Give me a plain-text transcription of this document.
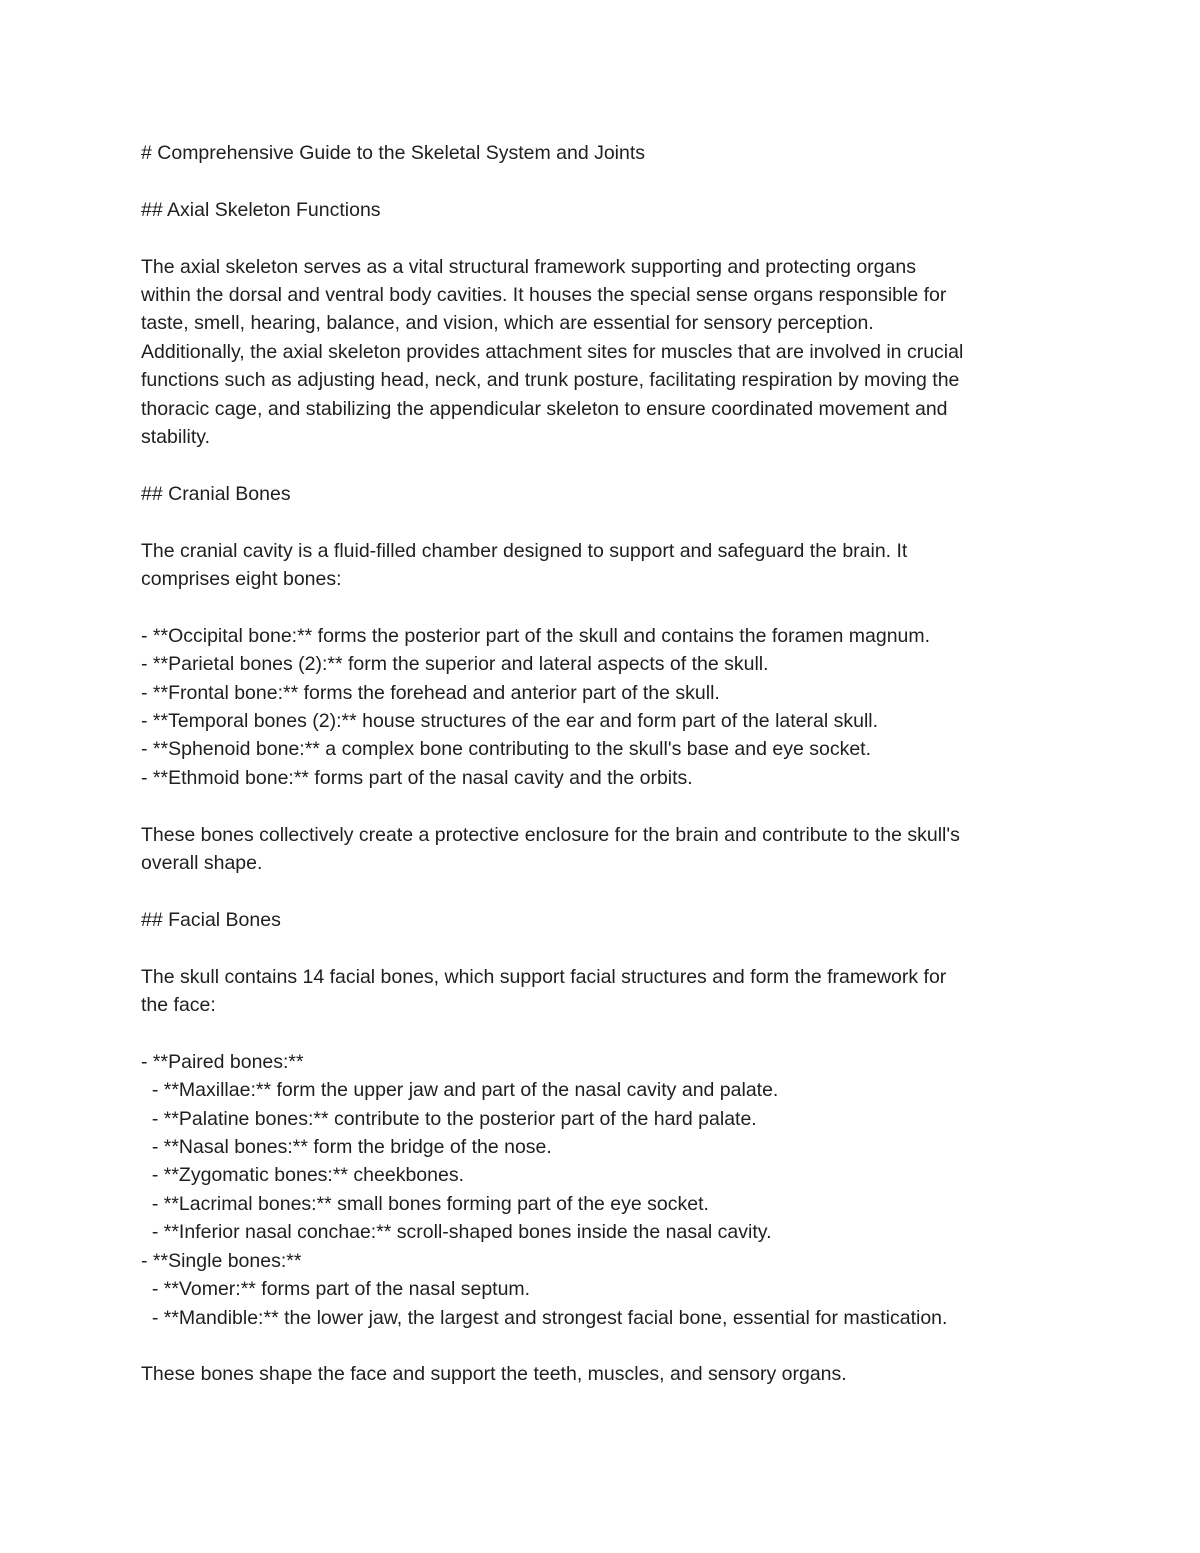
# Comprehensive Guide to the Skeletal System and Joints
## Axial Skeleton Functions
The axial skeleton serves as a vital structural framework supporting and protecting organs
within the dorsal and ventral body cavities. It houses the special sense organs responsible for
taste, smell, hearing, balance, and vision, which are essential for sensory perception.
Additionally, the axial skeleton provides attachment sites for muscles that are involved in crucial
functions such as adjusting head, neck, and trunk posture, facilitating respiration by moving the
thoracic cage, and stabilizing the appendicular skeleton to ensure coordinated movement and
stability.
## Cranial Bones
The cranial cavity is a fluid-filled chamber designed to support and safeguard the brain. It
comprises eight bones:
- **Occipital bone:** forms the posterior part of the skull and contains the foramen magnum.
- **Parietal bones (2):** form the superior and lateral aspects of the skull.
- **Frontal bone:** forms the forehead and anterior part of the skull.
- **Temporal bones (2):** house structures of the ear and form part of the lateral skull.
- **Sphenoid bone:** a complex bone contributing to the skull's base and eye socket.
- **Ethmoid bone:** forms part of the nasal cavity and the orbits.
These bones collectively create a protective enclosure for the brain and contribute to the skull's
overall shape.
## Facial Bones
The skull contains 14 facial bones, which support facial structures and form the framework for
the face:
- **Paired bones:**
- **Maxillae:** form the upper jaw and part of the nasal cavity and palate.
- **Palatine bones:** contribute to the posterior part of the hard palate.
- **Nasal bones:** form the bridge of the nose.
- **Zygomatic bones:** cheekbones.
- **Lacrimal bones:** small bones forming part of the eye socket.
- **Inferior nasal conchae:** scroll-shaped bones inside the nasal cavity.
- **Single bones:**
- **Vomer:** forms part of the nasal septum.
- **Mandible:** the lower jaw, the largest and strongest facial bone, essential for mastication.
These bones shape the face and support the teeth, muscles, and sensory organs.
